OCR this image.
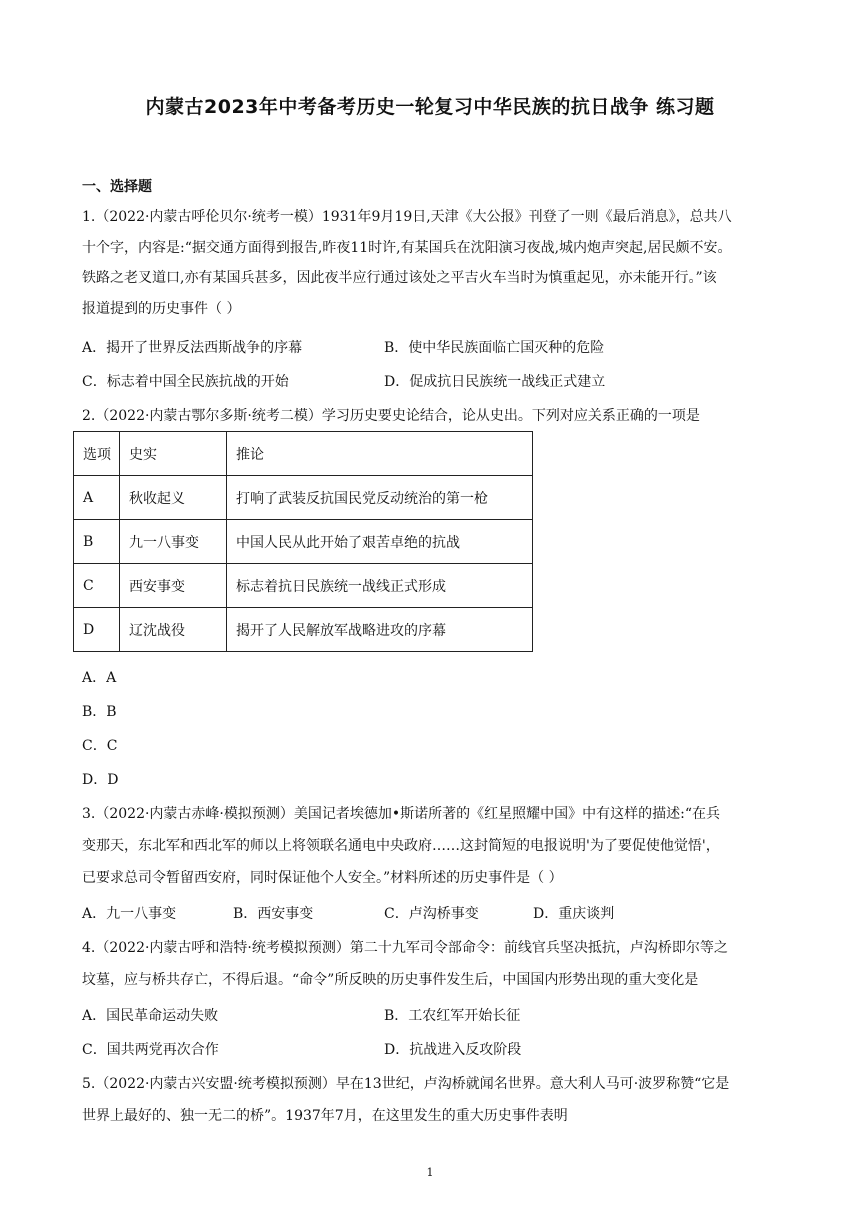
内蒙古2023年中考备考历史一轮复习中华民族的抗日战争 练习题
一、选择题
1.（2022·内蒙古呼伦贝尔·统考一模）1931年9月19日,天津《大公报》刊登了一则《最后消息》，总共八
十个字，内容是:“据交通方面得到报告,昨夜11时许,有某国兵在沈阳演习夜战,城内炮声突起,居民颇不安。
铁路之老叉道口,亦有某国兵甚多，因此夜半应行通过该处之平吉火车当时为慎重起见，亦未能开行。”该
报道提到的历史事件（ ）
A．揭开了世界反法西斯战争的序幕	B．使中华民族面临亡国灭种的危险
C．标志着中国全民族抗战的开始	D．促成抗日民族统一战线正式建立
2.（2022·内蒙古鄂尔多斯·统考二模）学习历史要史论结合，论从史出。下列对应关系正确的一项是
选项	史实	推论
A	秋收起义	打响了武装反抗国民党反动统治的第一枪
B	九一八事变	中国人民从此开始了艰苦卓绝的抗战
C	西安事变	标志着抗日民族统一战线正式形成
D	辽沈战役	揭开了人民解放军战略进攻的序幕
A．A
B．B
C．C
D．D
3.（2022·内蒙古赤峰·模拟预测）美国记者埃德加•斯诺所著的《红星照耀中国》中有这样的描述:“在兵
变那天，东北军和西北军的师以上将领联名通电中央政府……这封简短的电报说明'为了要促使他觉悟'，
已要求总司令暂留西安府，同时保证他个人安全。”材料所述的历史事件是（ ）
A．九一八事变	B．西安事变	C．卢沟桥事变	D．重庆谈判
4.（2022·内蒙古呼和浩特·统考模拟预测）第二十九军司令部命令：前线官兵坚决抵抗，卢沟桥即尔等之
坟墓，应与桥共存亡，不得后退。“命令”所反映的历史事件发生后，中国国内形势出现的重大变化是
A．国民革命运动失败	B．工农红军开始长征
C．国共两党再次合作	D．抗战进入反攻阶段
5.（2022·内蒙古兴安盟·统考模拟预测）早在13世纪，卢沟桥就闻名世界。意大利人马可·波罗称赞“它是
世界上最好的、独一无二的桥”。1937年7月，在这里发生的重大历史事件表明
1
